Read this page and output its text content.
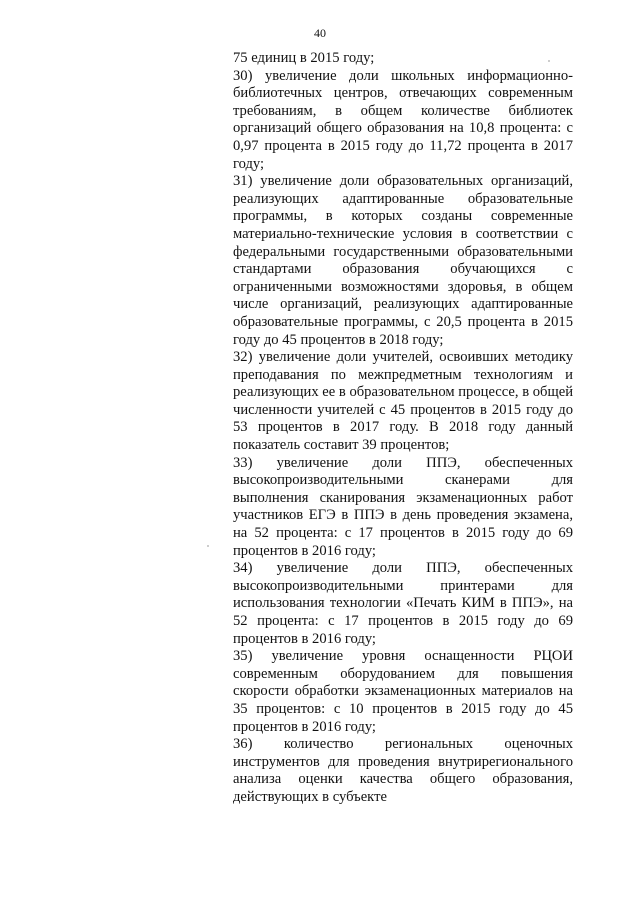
40

75 единиц в 2015 году;

30) увеличение доли школьных информационно-библиотечных центров, отвечающих современным требованиям, в общем количестве библиотек организаций общего образования на 10,8 процента: с 0,97 процента в 2015 году до 11,72 процента в 2017 году;

31) увеличение доли образовательных организаций, реализующих адаптированные образовательные программы, в которых созданы современные материально-технические условия в соответствии с федеральными государственными образовательными стандартами образования обучающихся с ограниченными возможностями здоровья, в общем числе организаций, реализующих адаптированные образовательные программы, с 20,5 процента в 2015 году до 45 процентов в 2018 году;

32) увеличение доли учителей, освоивших методику преподавания по межпредметным технологиям и реализующих ее в образовательном процессе, в общей численности учителей с 45 процентов в 2015 году до 53 процентов в 2017 году. В 2018 году данный показатель составит 39 процентов;

33) увеличение доли ППЭ, обеспеченных высокопроизводительными сканерами для выполнения сканирования экзаменационных работ участников ЕГЭ в ППЭ в день проведения экзамена, на 52 процента: с 17 процентов в 2015 году до 69 процентов в 2016 году;

34) увеличение доли ППЭ, обеспеченных высокопроизводительными принтерами для использования технологии «Печать КИМ в ППЭ», на 52 процента: с 17 процентов в 2015 году до 69 процентов в 2016 году;

35) увеличение уровня оснащенности РЦОИ современным оборудованием для повышения скорости обработки экзаменационных материалов на 35 процентов: с 10 процентов в 2015 году до 45 процентов в 2016 году;

36) количество региональных оценочных инструментов для проведения внутрирегионального анализа оценки качества общего образования, действующих в субъекте
